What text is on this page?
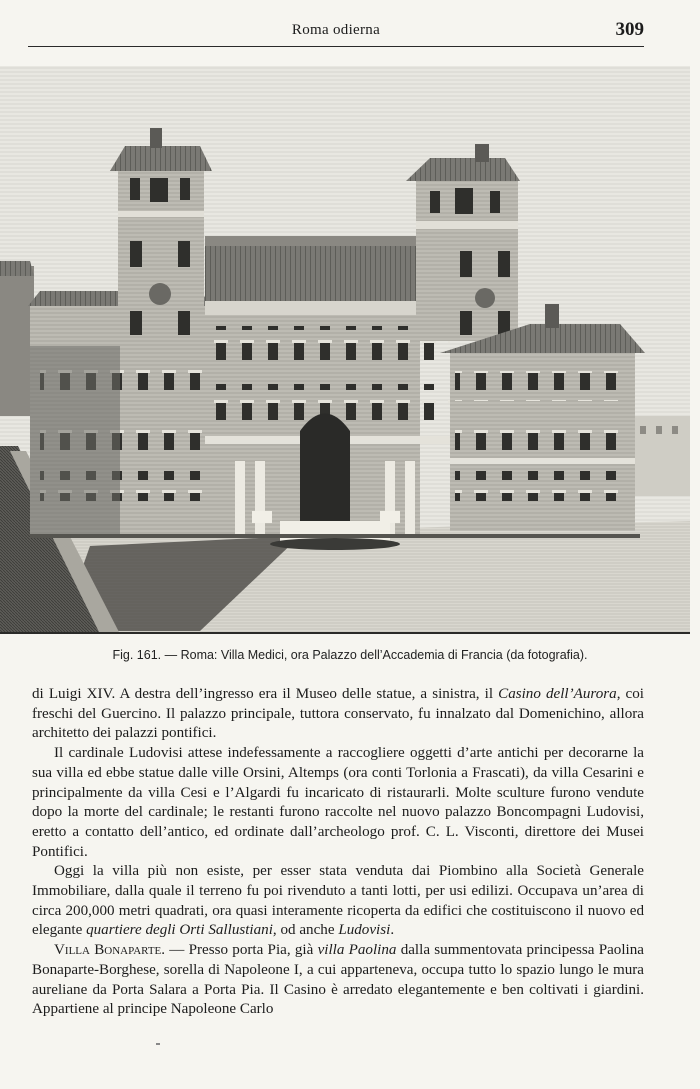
Roma odierna	309
Fig. 161. — Roma: Villa Medici, ora Palazzo dell’Accademia di Francia (da fotografia).

di Luigi XIV. A destra dell’ingresso era il Museo delle statue, a sinistra, il Casino dell’Aurora, coi freschi del Guercino. Il palazzo principale, tuttora conservato, fu innalzato dal Domenichino, allora architetto dei palazzi pontifici.

Il cardinale Ludovisi attese indefessamente a raccogliere oggetti d’arte antichi per decorarne la sua villa ed ebbe statue dalle ville Orsini, Altemps (ora conti Torlonia a Frascati), da villa Cesarini e principalmente da villa Cesi e l’Algardi fu incaricato di ristaurarli. Molte sculture furono vendute dopo la morte del cardinale; le restanti furono raccolte nel nuovo palazzo Boncompagni Ludovisi, eretto a contatto dell’antico, ed ordinate dall’archeologo prof. C. L. Visconti, direttore dei Musei Pontifici.

Oggi la villa più non esiste, per esser stata venduta dai Piombino alla Società Generale Immobiliare, dalla quale il terreno fu poi rivenduto a tanti lotti, per usi edilizi. Occupava un’area di circa 200,000 metri quadrati, ora quasi interamente ricoperta da edifici che costituiscono il nuovo ed elegante quartiere degli Orti Sallustiani, od anche Ludovisi.

Villa Bonaparte. — Presso porta Pia, già villa Paolina dalla summentovata principessa Paolina Bonaparte-Borghese, sorella di Napoleone I, a cui apparteneva, occupa tutto lo spazio lungo le mura aureliane da Porta Salara a Porta Pia. Il Casino è arredato elegantemente e ben coltivati i giardini. Appartiene al principe Napoleone Carlo
